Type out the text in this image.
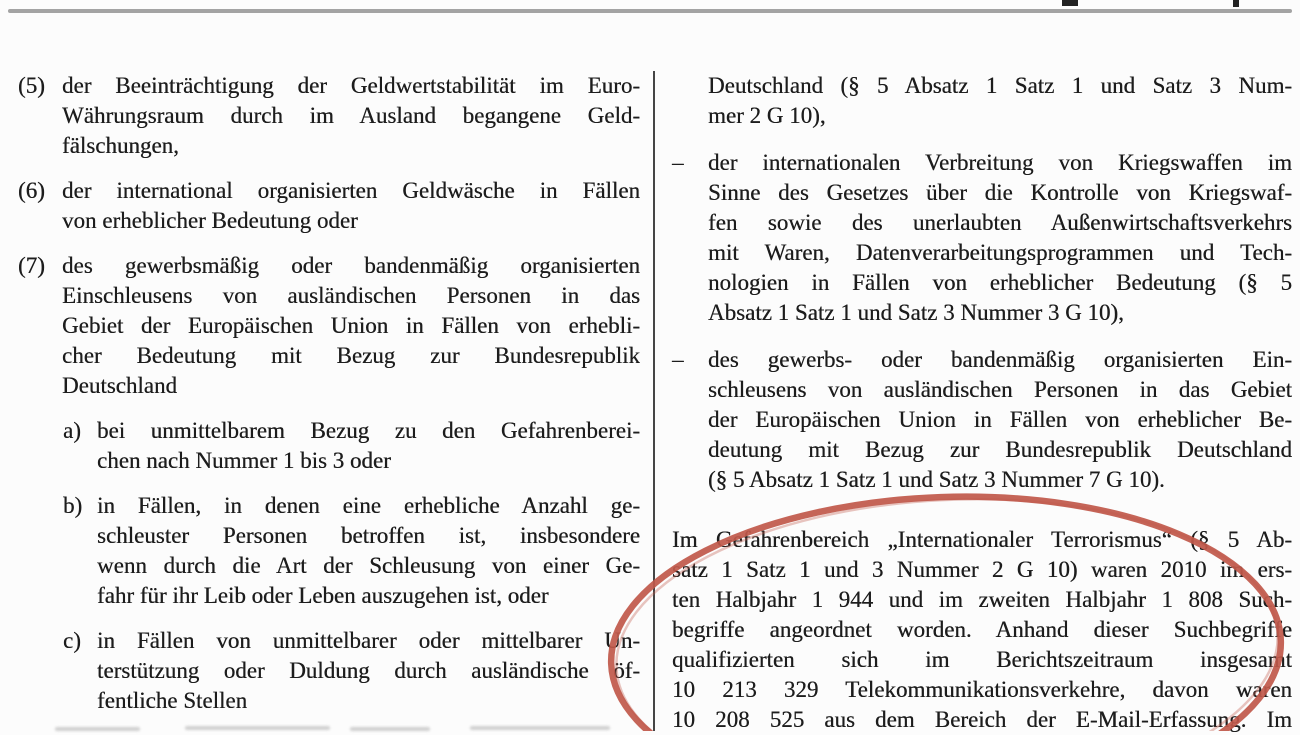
(5) der Beeinträchtigung der Geldwertstabilität im Euro-
Währungsraum durch im Ausland begangene Geld-
fälschungen,
(6) der international organisierten Geldwäsche in Fällen
von erheblicher Bedeutung oder
(7) des gewerbsmäßig oder bandenmäßig organisierten
Einschleusens von ausländischen Personen in das
Gebiet der Europäischen Union in Fällen von erhebli-
cher Bedeutung mit Bezug zur Bundesrepublik
Deutschland
a) bei unmittelbarem Bezug zu den Gefahrenberei-
chen nach Nummer 1 bis 3 oder
b) in Fällen, in denen eine erhebliche Anzahl ge-
schleuster Personen betroffen ist, insbesondere
wenn durch die Art der Schleusung von einer Ge-
fahr für ihr Leib oder Leben auszugehen ist, oder
c) in Fällen von unmittelbarer oder mittelbarer Un-
terstützung oder Duldung durch ausländische öf-
fentliche Stellen
Deutschland (§ 5 Absatz 1 Satz 1 und Satz 3 Num-
mer 2 G 10),
– der internationalen Verbreitung von Kriegswaffen im
Sinne des Gesetzes über die Kontrolle von Kriegswaf-
fen sowie des unerlaubten Außenwirtschaftsverkehrs
mit Waren, Datenverarbeitungsprogrammen und Tech-
nologien in Fällen von erheblicher Bedeutung (§ 5
Absatz 1 Satz 1 und Satz 3 Nummer 3 G 10),
– des gewerbs- oder bandenmäßig organisierten Ein-
schleusens von ausländischen Personen in das Gebiet
der Europäischen Union in Fällen von erheblicher Be-
deutung mit Bezug zur Bundesrepublik Deutschland
(§ 5 Absatz 1 Satz 1 und Satz 3 Nummer 7 G 10).
Im Gefahrenbereich „Internationaler Terrorismus“ (§ 5 Ab-
satz 1 Satz 1 und 3 Nummer 2 G 10) waren 2010 im ers-
ten Halbjahr 1 944 und im zweiten Halbjahr 1 808 Such-
begriffe angeordnet worden. Anhand dieser Suchbegriffe
qualifizierten sich im Berichtszeitraum insgesamt
10 213 329 Telekommunikationsverkehre, davon waren
10 208 525 aus dem Bereich der E-Mail-Erfassung. Im
